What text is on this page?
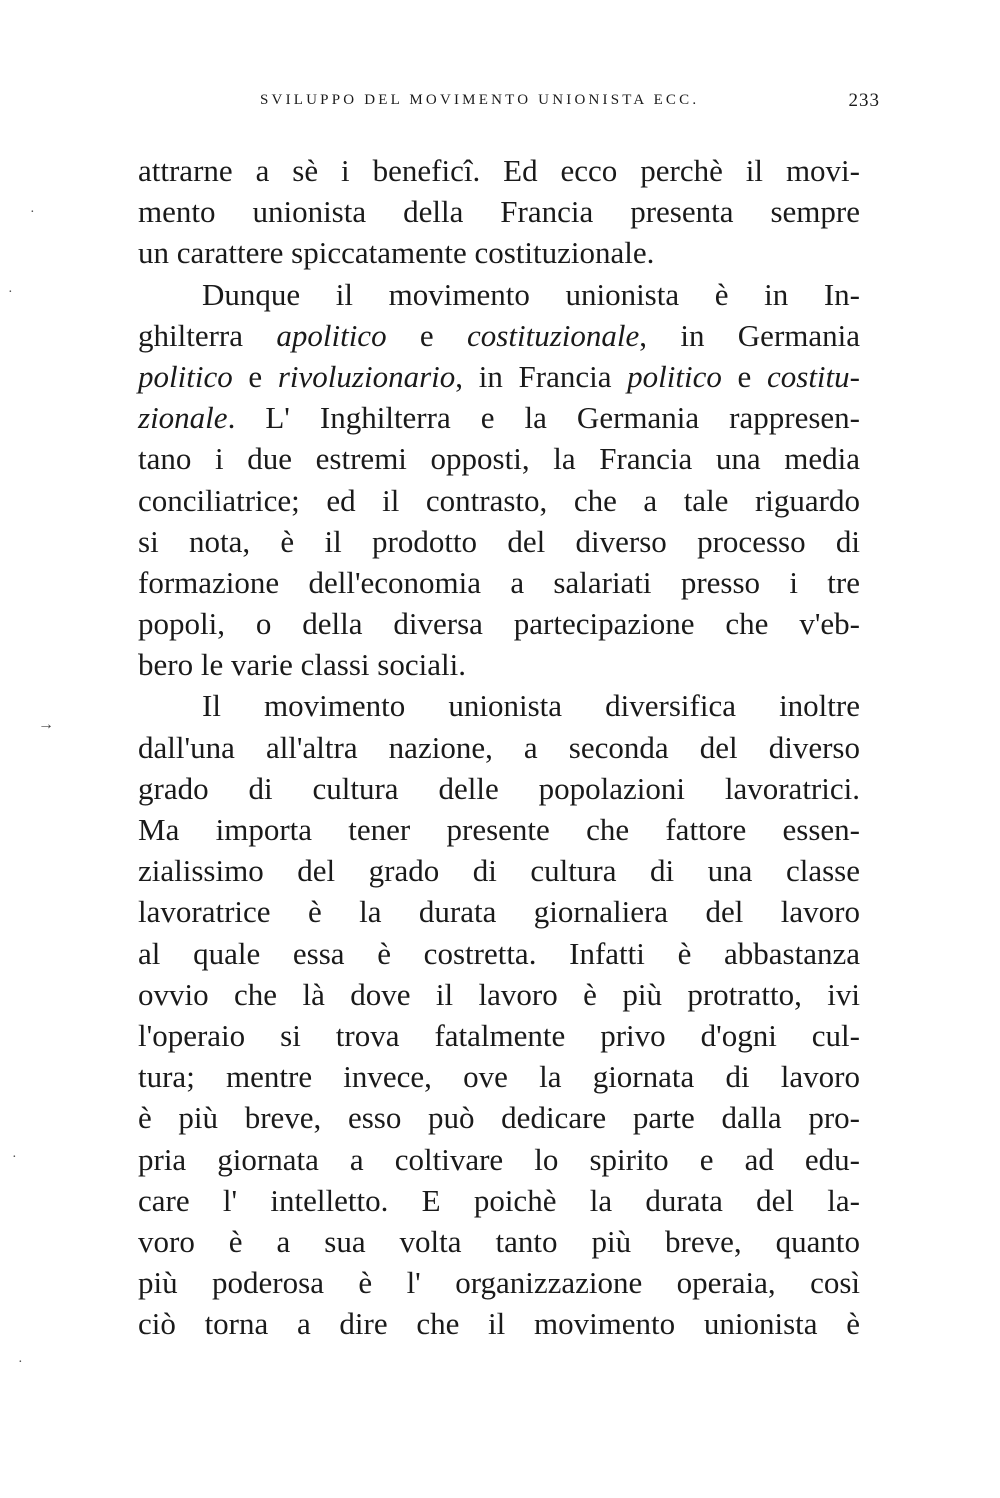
SVILUPPO DEL MOVIMENTO UNIONISTA ECC.	233
·
·
→
·
·
attrarne a sè i beneficî. Ed ecco perchè il movi-
mento unionista della Francia presenta sempre
un carattere spiccatamente costituzionale.
Dunque il movimento unionista è in In-
ghilterra apolitico e costituzionale, in Germania
politico e rivoluzionario, in Francia politico e costitu-
zionale. L' Inghilterra e la Germania rappresen-
tano i due estremi opposti, la Francia una media
conciliatrice; ed il contrasto, che a tale riguardo
si nota, è il prodotto del diverso processo di
formazione dell'economia a salariati presso i tre
popoli, o della diversa partecipazione che v'eb-
bero le varie classi sociali.
Il movimento unionista diversifica inoltre
dall'una all'altra nazione, a seconda del diverso
grado di cultura delle popolazioni lavoratrici.
Ma importa tener presente che fattore essen-
zialissimo del grado di cultura di una classe
lavoratrice è la durata giornaliera del lavoro
al quale essa è costretta. Infatti è abbastanza
ovvio che là dove il lavoro è più protratto, ivi
l'operaio si trova fatalmente privo d'ogni cul-
tura; mentre invece, ove la giornata di lavoro
è più breve, esso può dedicare parte dalla pro-
pria giornata a coltivare lo spirito e ad edu-
care l' intelletto. E poichè la durata del la-
voro è a sua volta tanto più breve, quanto
più poderosa è l' organizzazione operaia, così
ciò torna a dire che il movimento unionista è
